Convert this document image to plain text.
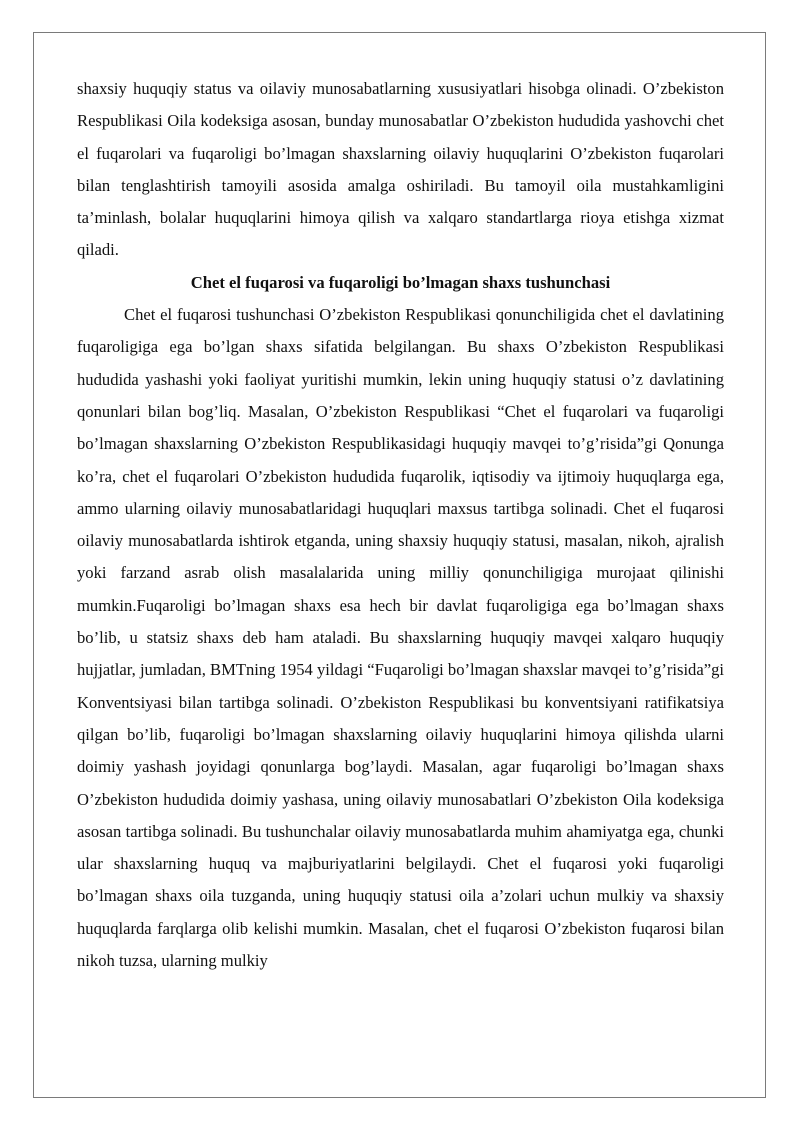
shaxsiy huquqiy status va oilaviy munosabatlarning xususiyatlari hisobga olinadi. O’zbekiston Respublikasi Oila kodeksiga asosan, bunday munosabatlar O’zbekiston hududida yashovchi chet el fuqarolari va fuqaroligi bo’lmagan shaxslarning oilaviy huquqlarini O’zbekiston fuqarolari bilan tenglashtirish tamoyili asosida amalga oshiriladi. Bu tamoyil oila mustahkamligini ta’minlash, bolalar huquqlarini himoya qilish va xalqaro standartlarga rioya etishga xizmat qiladi.

Chet el fuqarosi va fuqaroligi bo’lmagan shaxs tushunchasi

Chet el fuqarosi tushunchasi O’zbekiston Respublikasi qonunchiligida chet el davlatining fuqaroligiga ega bo’lgan shaxs sifatida belgilangan. Bu shaxs O’zbekiston Respublikasi hududida yashashi yoki faoliyat yuritishi mumkin, lekin uning huquqiy statusi o’z davlatining qonunlari bilan bog’liq. Masalan, O’zbekiston Respublikasi “Chet el fuqarolari va fuqaroligi bo’lmagan shaxslarning O’zbekiston Respublikasidagi huquqiy mavqei to’g’risida”gi Qonunga ko’ra, chet el fuqarolari O’zbekiston hududida fuqarolik, iqtisodiy va ijtimoiy huquqlarga ega, ammo ularning oilaviy munosabatlaridagi huquqlari maxsus tartibga solinadi. Chet el fuqarosi oilaviy munosabatlarda ishtirok etganda, uning shaxsiy huquqiy statusi, masalan, nikoh, ajralish yoki farzand asrab olish masalalarida uning milliy qonunchiligiga murojaat qilinishi mumkin.Fuqaroligi bo’lmagan shaxs esa hech bir davlat fuqaroligiga ega bo’lmagan shaxs bo’lib, u statsiz shaxs deb ham ataladi. Bu shaxslarning huquqiy mavqei xalqaro huquqiy hujjatlar, jumladan, BMTning 1954 yildagi “Fuqaroligi bo’lmagan shaxslar mavqei to’g’risida”gi Konventsiyasi bilan tartibga solinadi. O’zbekiston Respublikasi bu konventsiyani ratifikatsiya qilgan bo’lib, fuqaroligi bo’lmagan shaxslarning oilaviy huquqlarini himoya qilishda ularni doimiy yashash joyidagi qonunlarga bog’laydi. Masalan, agar fuqaroligi bo’lmagan shaxs O’zbekiston hududida doimiy yashasa, uning oilaviy munosabatlari O’zbekiston Oila kodeksiga asosan tartibga solinadi. Bu tushunchalar oilaviy munosabatlarda muhim ahamiyatga ega, chunki ular shaxslarning huquq va majburiyatlarini belgilaydi. Chet el fuqarosi yoki fuqaroligi bo’lmagan shaxs oila tuzganda, uning huquqiy statusi oila a’zolari uchun mulkiy va shaxsiy huquqlarda farqlarga olib kelishi mumkin. Masalan, chet el fuqarosi O’zbekiston fuqarosi bilan nikoh tuzsa, ularning mulkiy
